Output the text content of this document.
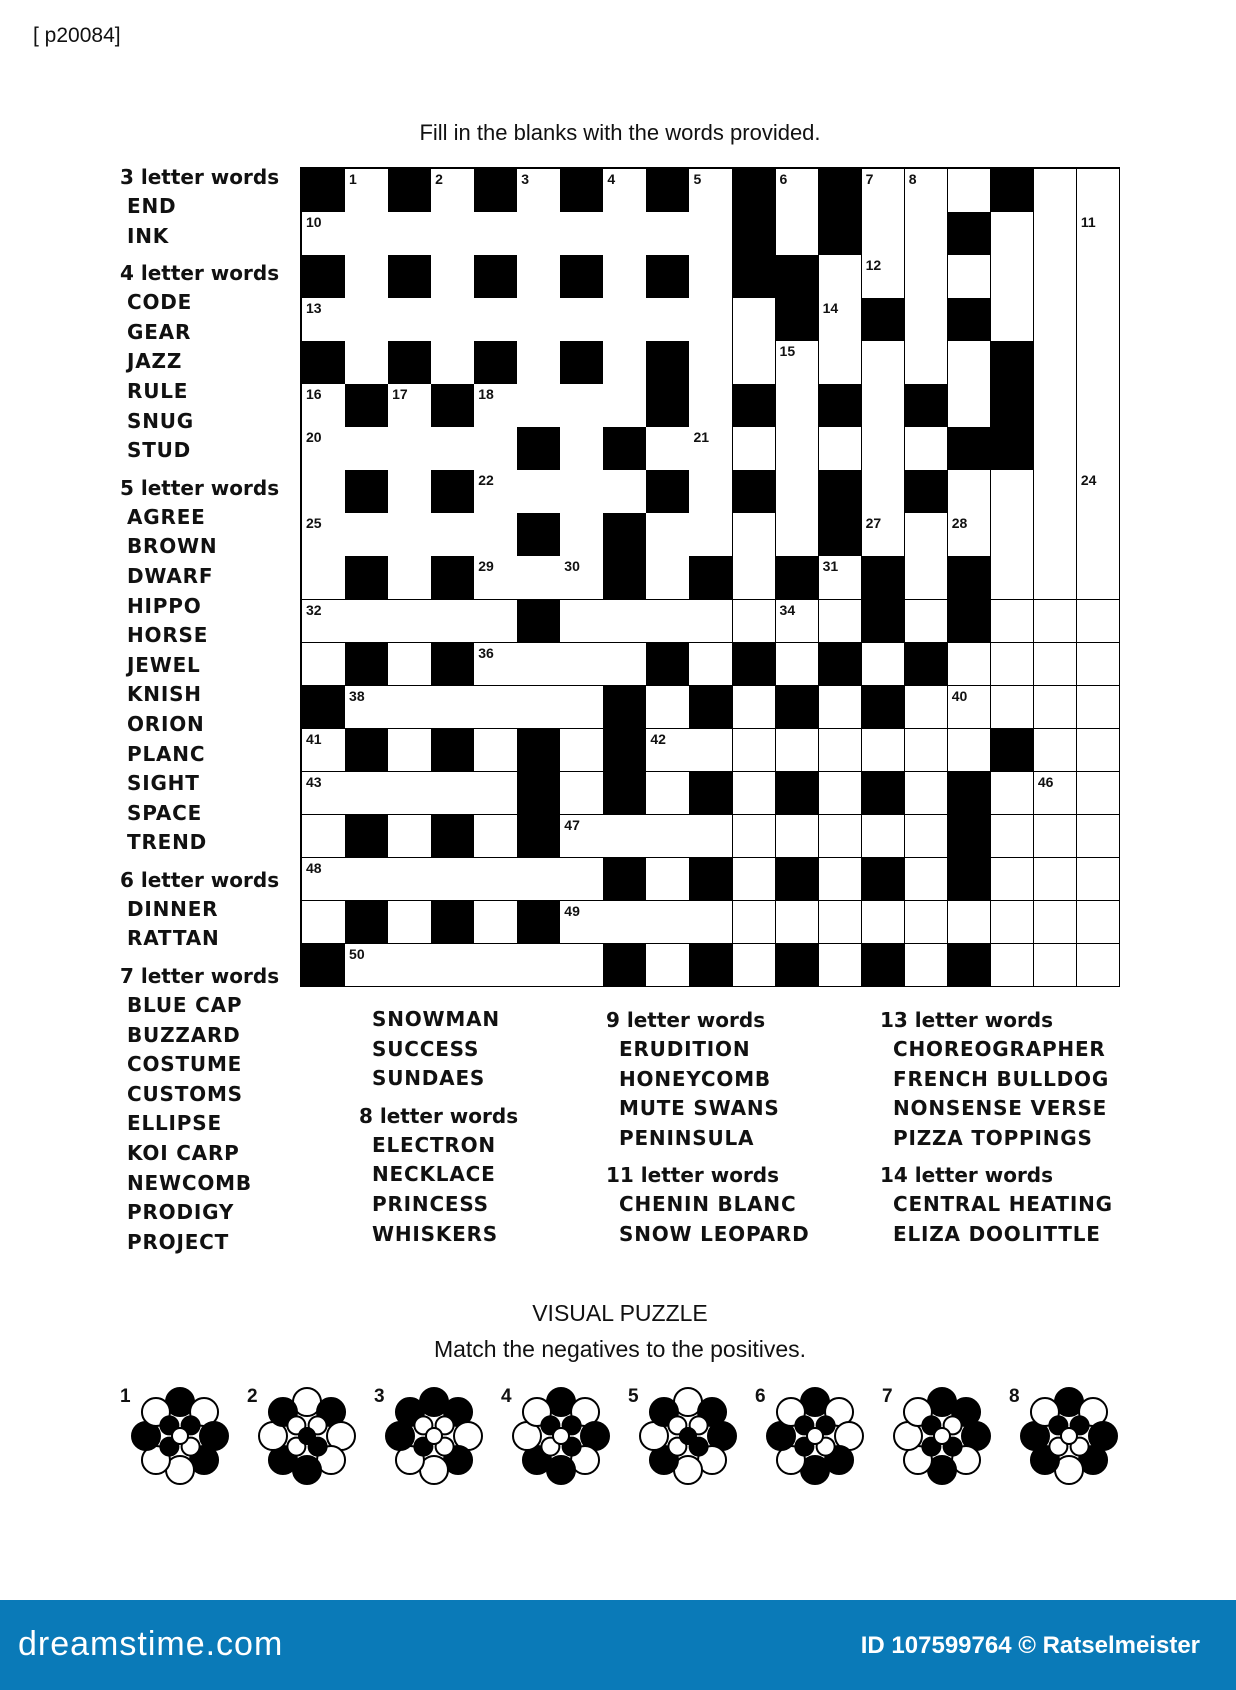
[ p20084]
Fill in the blanks with the words provided.
3 letter words
END
INK
4 letter words
CODE
GEAR
JAZZ
RULE
SNUG
STUD
5 letter words
AGREE
BROWN
DWARF
HIPPO
HORSE
JEWEL
KNISH
ORION
PLANC
SIGHT
SPACE
TREND
6 letter words
DINNER
RATTAN
7 letter words
BLUE CAP
BUZZARD
COSTUME
CUSTOMS
ELLIPSE
KOI CARP
NEWCOMB
PRODIGY
PROJECT
SNOWMAN
SUCCESS
SUNDAES
8 letter words
ELECTRON
NECKLACE
PRINCESS
WHISKERS
9 letter words
ERUDITION
HONEYCOMB
MUTE SWANS
PENINSULA
11 letter words
CHENIN BLANC
SNOW LEOPARD
13 letter words
CHOREOGRAPHER
FRENCH BULLDOG
NONSENSE VERSE
PIZZA TOPPINGS
14 letter words
CENTRAL HEATING
ELIZA DOOLITTLE
1	2	3	4	5	6	7	8
10	11
12
13	14
15
16	17	18
20	21
22	24
25	27	28
29	30	31
32	34
36
38	40
41	42
43	46
47
48
49
50
VISUAL PUZZLE
Match the negatives to the positives.
1	2	3	4	5	6	7	8
dreamstime.com	ID 107599764 © Ratselmeister
